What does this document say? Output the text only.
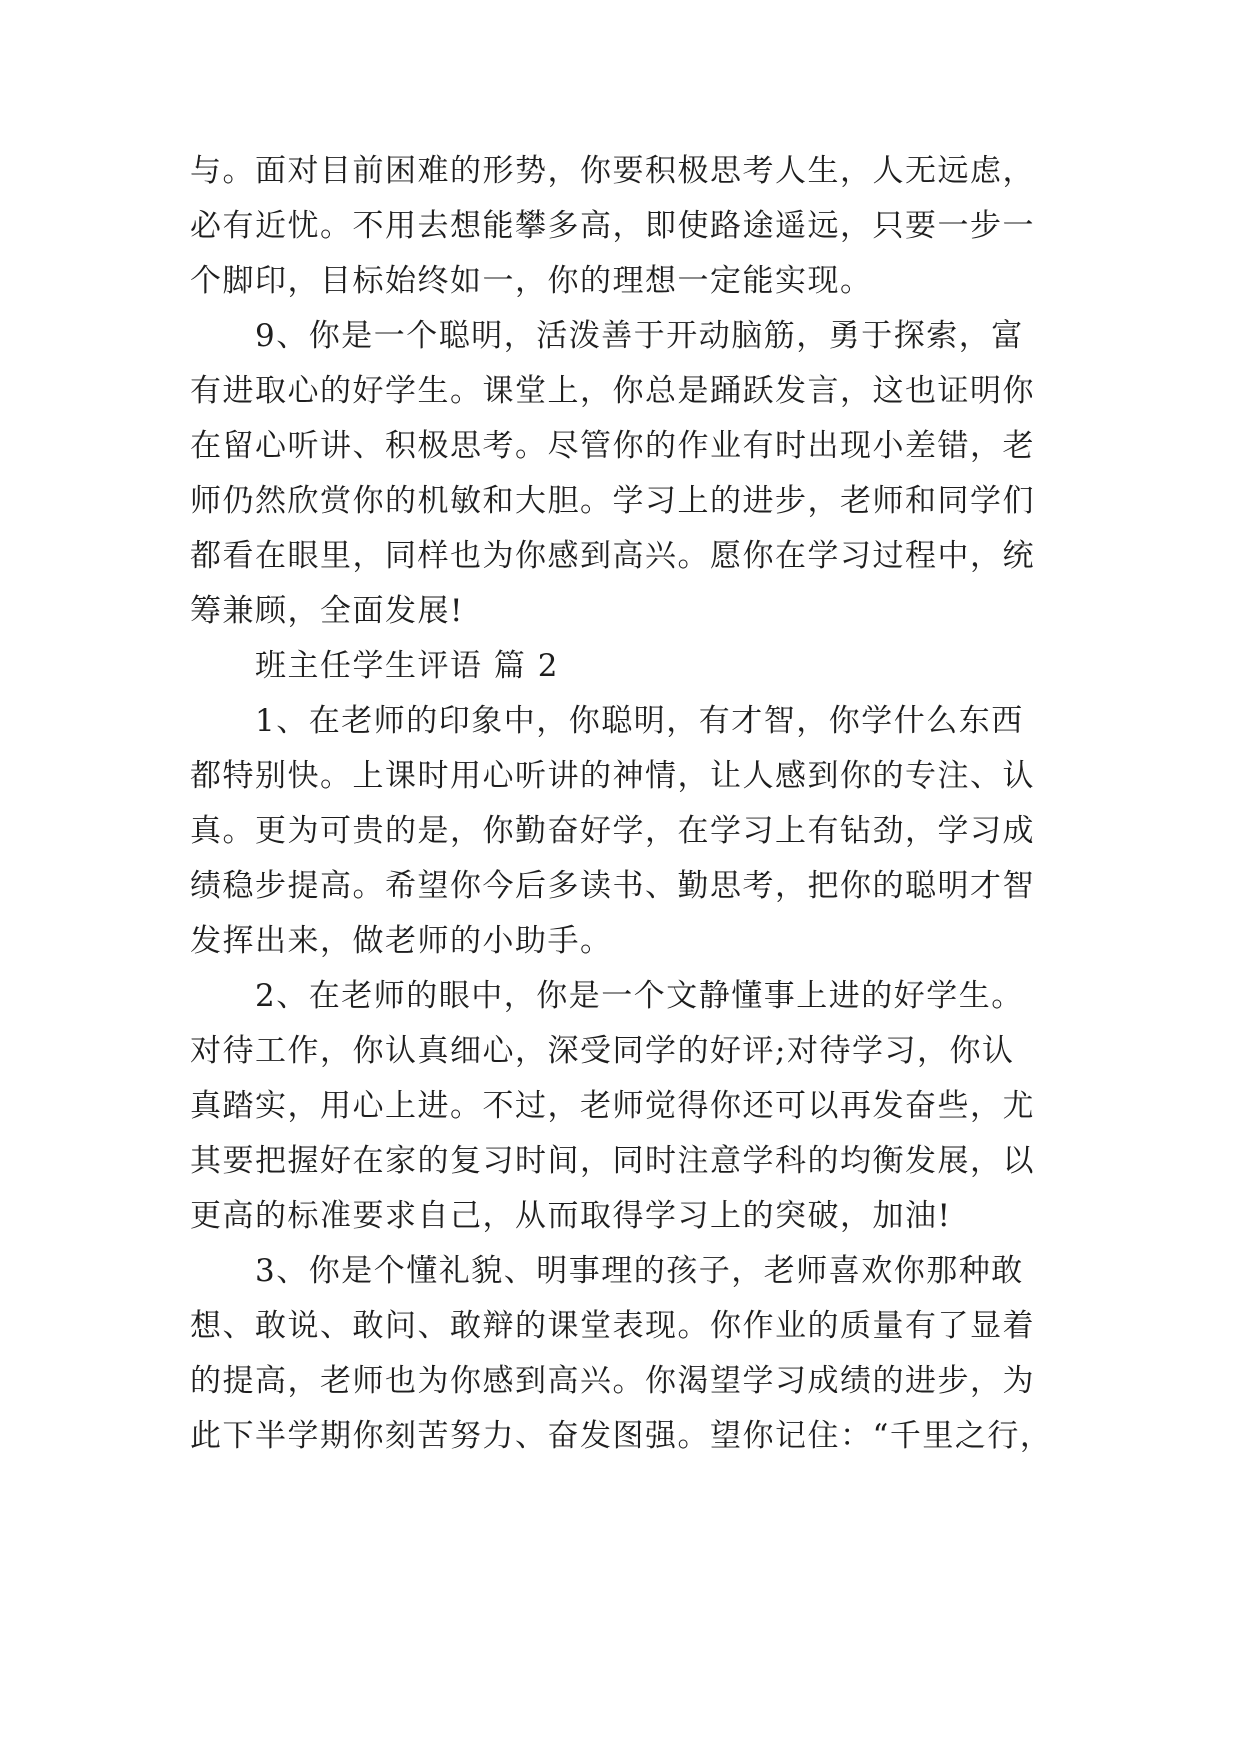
与。面对目前困难的形势，你要积极思考人生，人无远虑，
必有近忧。不用去想能攀多高，即使路途遥远，只要一步一
个脚印，目标始终如一，你的理想一定能实现。
9、你是一个聪明，活泼善于开动脑筋，勇于探索，富
有进取心的好学生。课堂上，你总是踊跃发言，这也证明你
在留心听讲、积极思考。尽管你的作业有时出现小差错，老
师仍然欣赏你的机敏和大胆。学习上的进步，老师和同学们
都看在眼里，同样也为你感到高兴。愿你在学习过程中，统
筹兼顾，全面发展!
班主任学生评语 篇 2
1、在老师的印象中，你聪明，有才智，你学什么东西
都特别快。上课时用心听讲的神情，让人感到你的专注、认
真。更为可贵的是，你勤奋好学，在学习上有钻劲，学习成
绩稳步提高。希望你今后多读书、勤思考，把你的聪明才智
发挥出来，做老师的小助手。
2、在老师的眼中，你是一个文静懂事上进的好学生。
对待工作，你认真细心，深受同学的好评;对待学习，你认
真踏实，用心上进。不过，老师觉得你还可以再发奋些，尤
其要把握好在家的复习时间，同时注意学科的均衡发展，以
更高的标准要求自己，从而取得学习上的突破，加油!
3、你是个懂礼貌、明事理的孩子，老师喜欢你那种敢
想、敢说、敢问、敢辩的课堂表现。你作业的质量有了显着
的提高，老师也为你感到高兴。你渴望学习成绩的进步，为
此下半学期你刻苦努力、奋发图强。望你记住：“千里之行，
